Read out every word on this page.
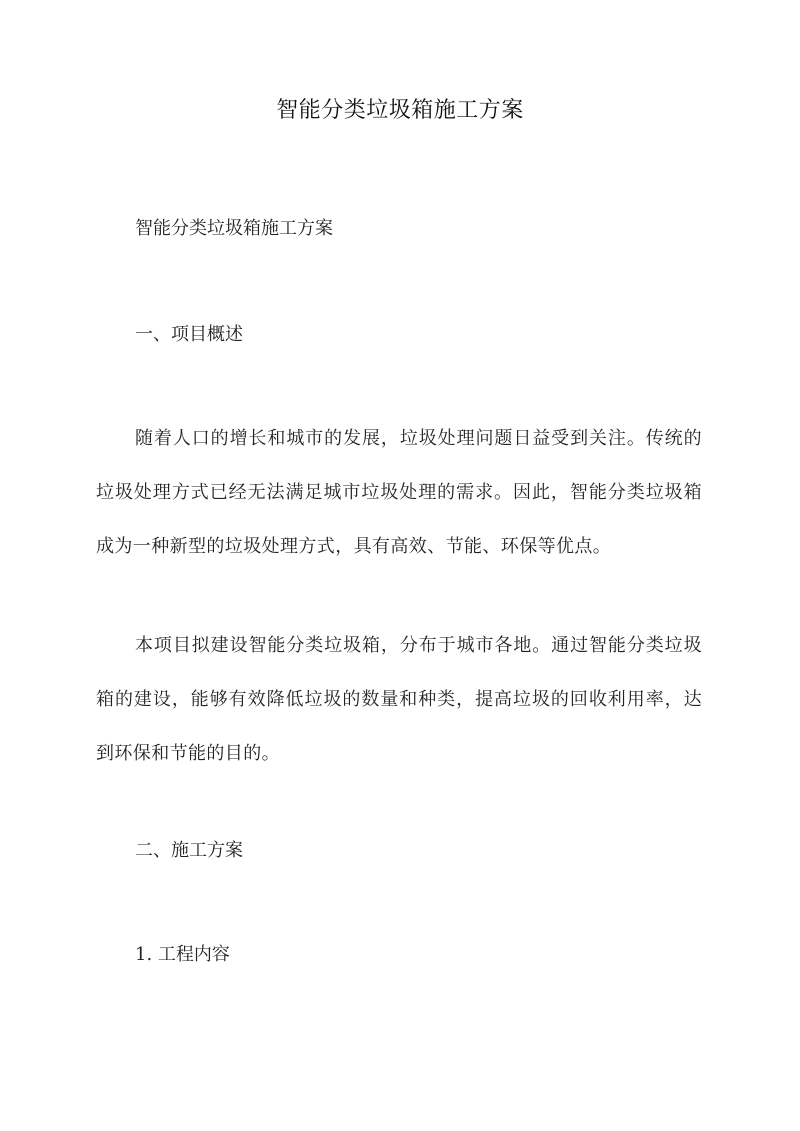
智能分类垃圾箱施工方案
智能分类垃圾箱施工方案
一、项目概述
随着人口的增长和城市的发展，垃圾处理问题日益受到关注。传统的垃圾处理方式已经无法满足城市垃圾处理的需求。因此，智能分类垃圾箱成为一种新型的垃圾处理方式，具有高效、节能、环保等优点。
本项目拟建设智能分类垃圾箱，分布于城市各地。通过智能分类垃圾箱的建设，能够有效降低垃圾的数量和种类，提高垃圾的回收利用率，达到环保和节能的目的。
二、施工方案
1. 工程内容
